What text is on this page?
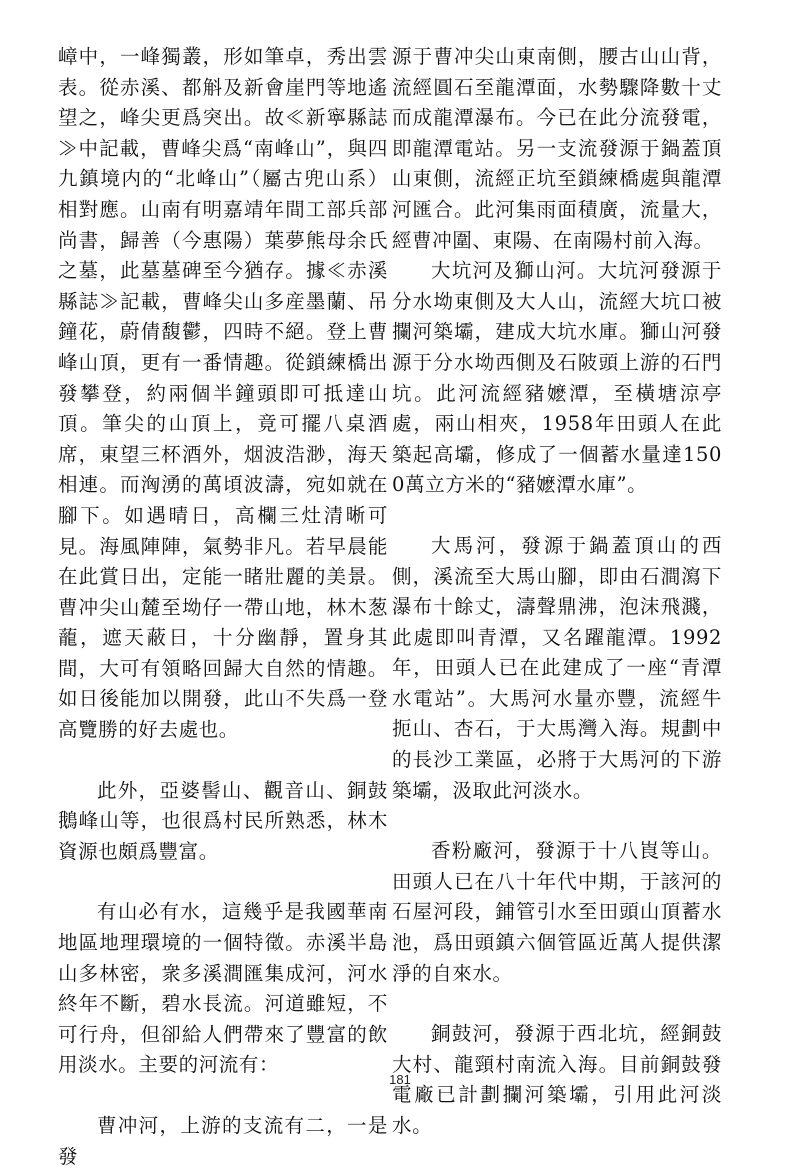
嶂中，一峰獨叢，形如筆卓，秀出雲表。從赤溪、都斛及新會崖門等地遙望之，峰尖更爲突出。故≪新寧縣誌≫中記載，曹峰尖爲“南峰山”，與四九鎮境内的“北峰山”（屬古兜山系）相對應。山南有明嘉靖年間工部兵部尚書，歸善（今惠陽）葉夢熊母余氏之墓，此墓墓碑至今猶存。據≪赤溪縣誌≫記載，曹峰尖山多産墨蘭、吊鐘花，蔚倩馥鬱，四時不絕。登上曹峰山頂，更有一番情趣。從鎖練橋出發攀登，約兩個半鐘頭即可抵達山頂。筆尖的山頂上，竟可擺八桌酒席，東望三杯酒外，烟波浩渺，海天相連。而洶湧的萬頃波濤，宛如就在腳下。如遇晴日，高欄三灶清晰可見。海風陣陣，氣勢非凡。若早晨能在此賞日出，定能一睹壯麗的美景。曹冲尖山麓至坳仔一帶山地，林木葱蘢，遮天蔽日，十分幽靜，置身其間，大可有領略回歸大自然的情趣。如日後能加以開發，此山不失爲一登高覽勝的好去處也。

此外，亞婆髻山、觀音山、銅鼓鵝峰山等，也很爲村民所熟悉，林木資源也頗爲豐富。

有山必有水，這幾乎是我國華南地區地理環境的一個特徵。赤溪半島山多林密，衆多溪澗匯集成河，河水終年不斷，碧水長流。河道雖短，不可行舟，但卻給人們帶來了豐富的飲用淡水。主要的河流有：

曹冲河，上游的支流有二，一是發

源于曹冲尖山東南側，腰古山山背，流經圓石至龍潭面，水勢驟降數十丈而成龍潭瀑布。今已在此分流發電，即龍潭電站。另一支流發源于鍋蓋頂山東側，流經正坑至鎖練橋處與龍潭河匯合。此河集雨面積廣，流量大，經曹冲圍、東陽、在南陽村前入海。

大坑河及獅山河。大坑河發源于分水坳東側及大人山，流經大坑口被攔河築壩，建成大坑水庫。獅山河發源于分水坳西側及石陂頭上游的石門坑。此河流經豬嬷潭，至橫塘涼亭處，兩山相夾，1958年田頭人在此築起高壩，修成了一個蓄水量達1500萬立方米的“豬嬷潭水庫”。

大馬河，發源于鍋蓋頂山的西側，溪流至大馬山腳，即由石澗瀉下瀑布十餘丈，濤聲鼎沸，泡沫飛濺，此處即叫青潭，又名躍龍潭。1992年，田頭人已在此建成了一座“青潭水電站”。大馬河水量亦豐，流經牛扼山、杏石，于大馬灣入海。規劃中的長沙工業區，必將于大馬河的下游築壩，汲取此河淡水。

香粉廠河，發源于十八崀等山。田頭人已在八十年代中期，于該河的石屋河段，鋪管引水至田頭山頂蓄水池，爲田頭鎮六個管區近萬人提供潔淨的自來水。

銅鼓河，發源于西北坑，經銅鼓大村、龍頸村南流入海。目前銅鼓發電廠已計劃攔河築壩，引用此河淡水。

181
